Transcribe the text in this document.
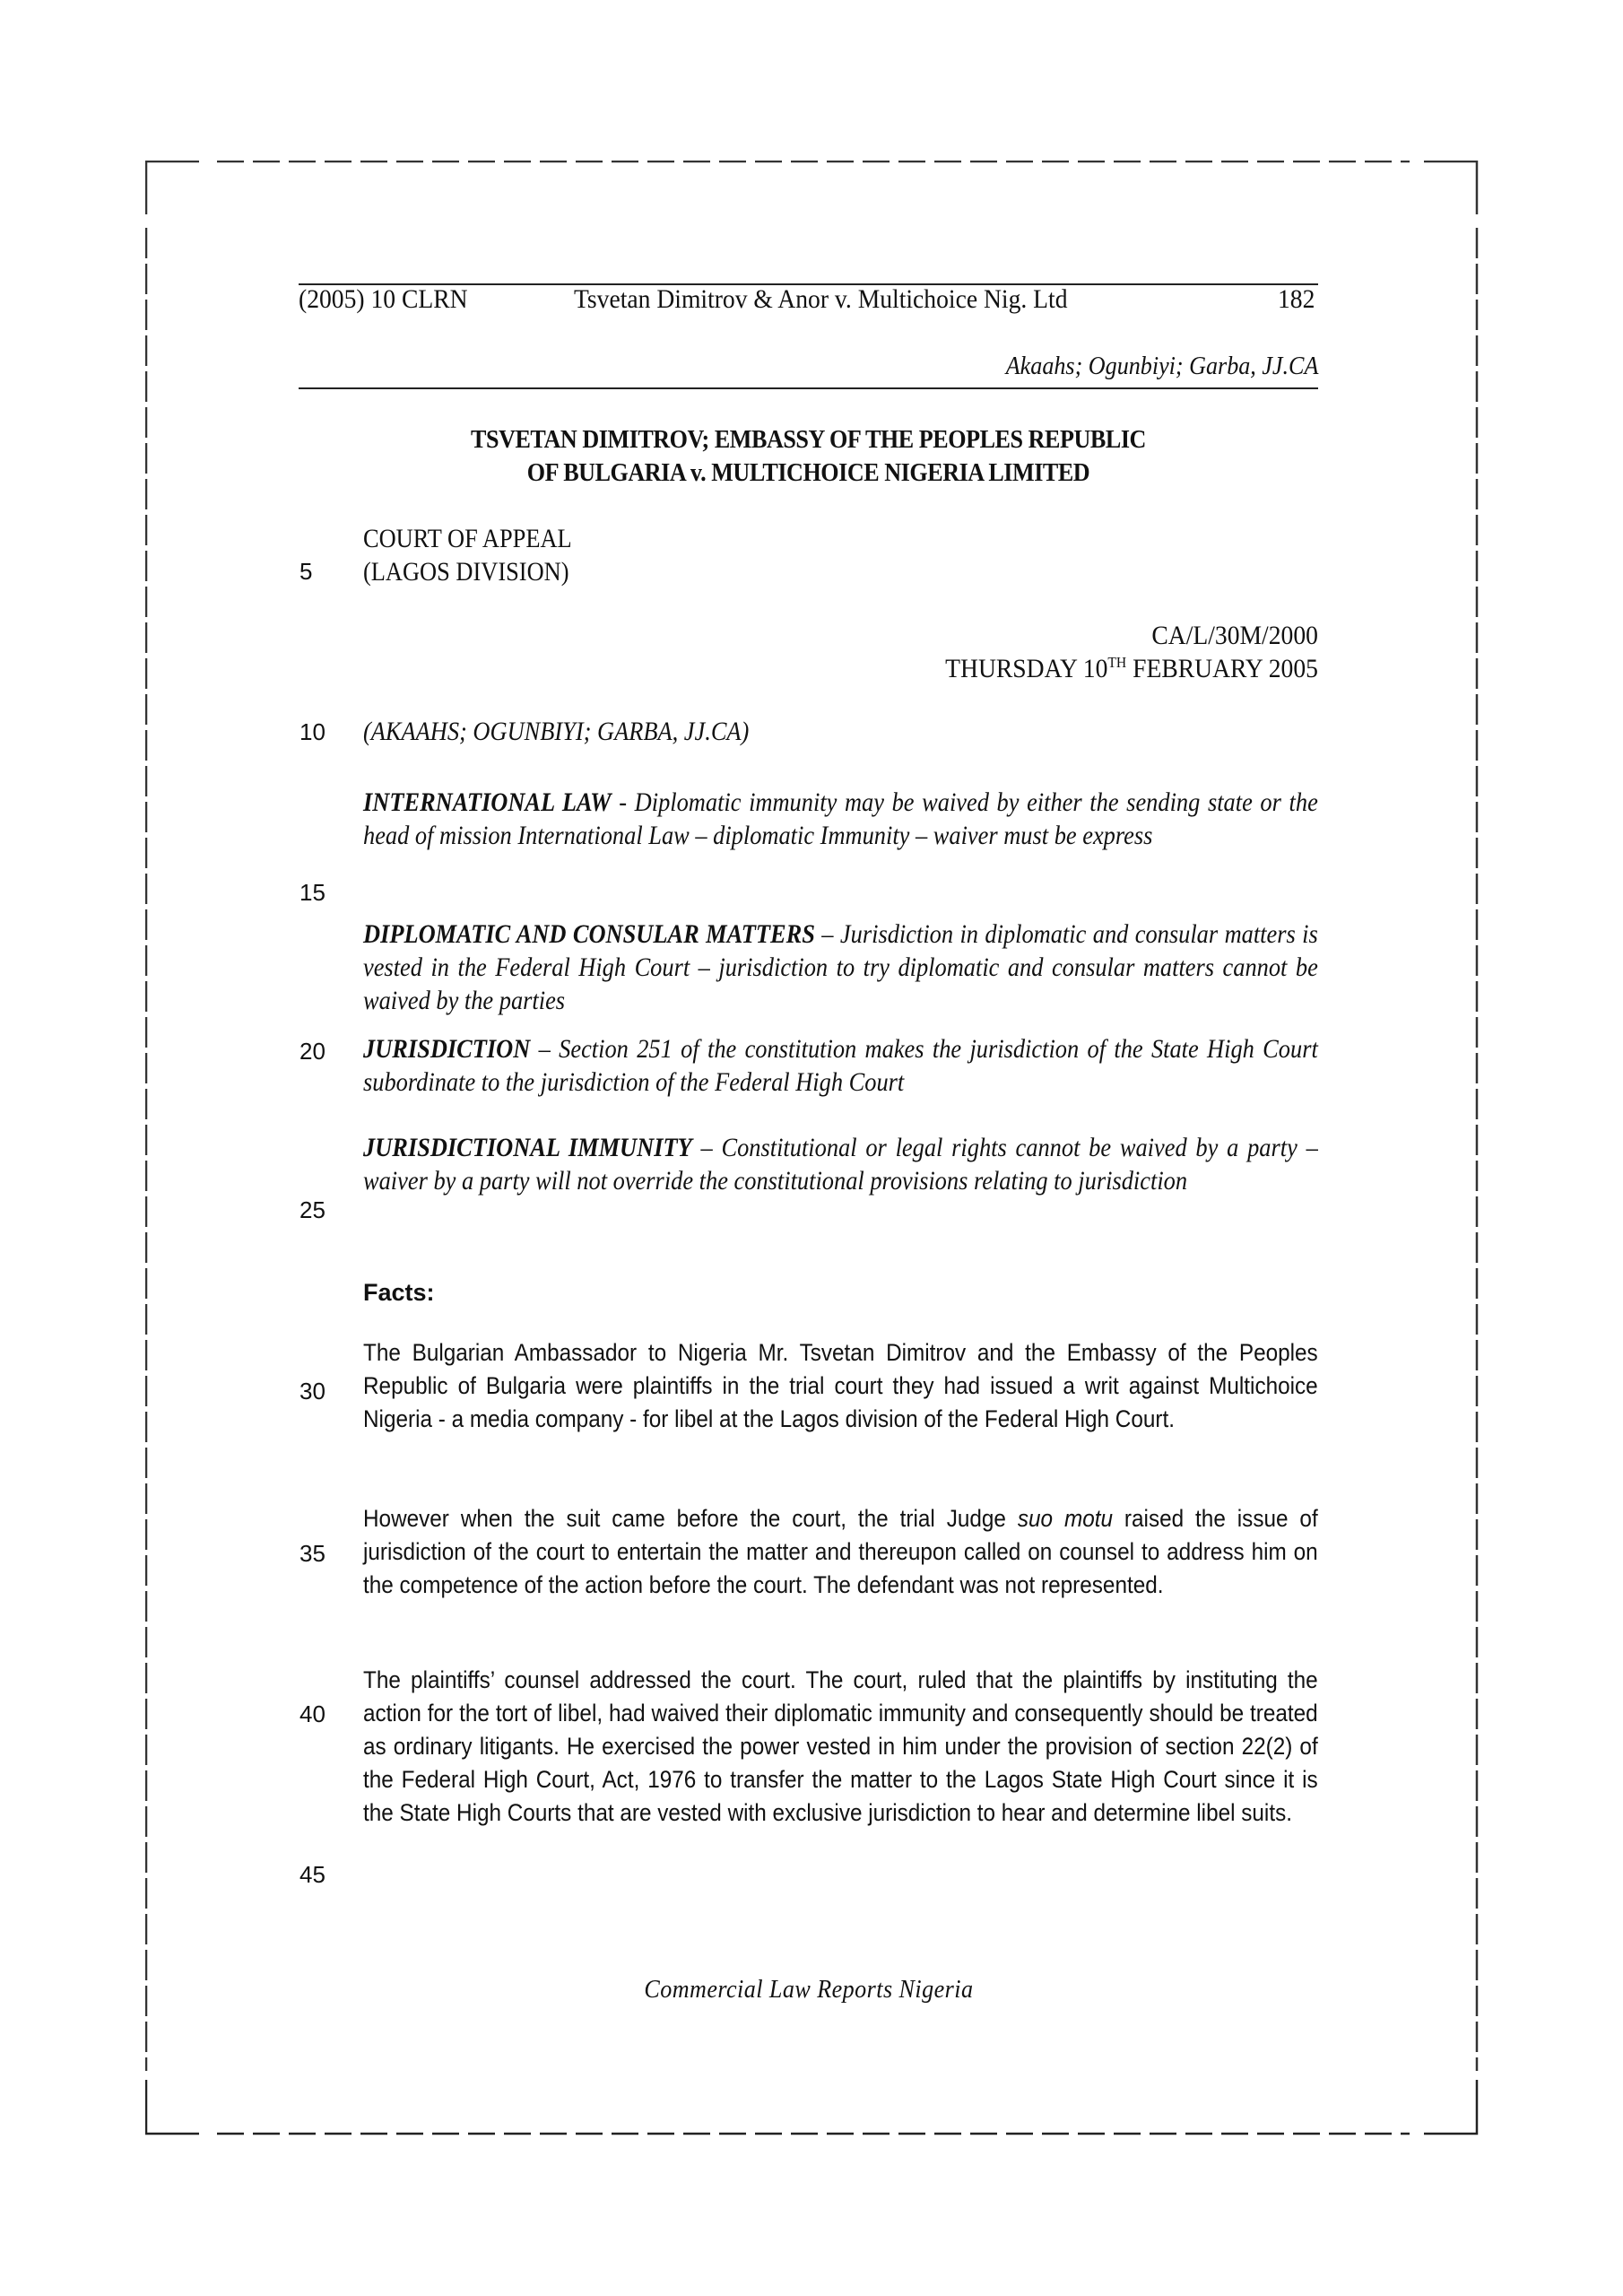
(2005) 10 CLRN	Tsvetan Dimitrov & Anor v. Multichoice Nig. Ltd	182
Akaahs; Ogunbiyi; Garba, JJ.CA
TSVETAN DIMITROV; EMBASSY OF THE PEOPLES REPUBLIC
OF BULGARIA v. MULTICHOICE NIGERIA LIMITED
COURT OF APPEAL
(LAGOS DIVISION)
CA/L/30M/2000
THURSDAY 10TH FEBRUARY 2005
(AKAAHS; OGUNBIYI; GARBA, JJ.CA)
5
10
15
20
25
30
35
40
45
INTERNATIONAL LAW - Diplomatic immunity may be waived by either the sending state or the head of mission International Law – diplomatic Immunity – waiver must be express
DIPLOMATIC AND CONSULAR MATTERS – Jurisdiction in diplomatic and consular matters is vested in the Federal High Court – jurisdiction to try diplomatic and consular matters cannot be waived by the parties
JURISDICTION – Section 251 of the constitution makes the jurisdiction of the State High Court subordinate to the jurisdiction of the Federal High Court
JURISDICTIONAL IMMUNITY – Constitutional or legal rights cannot be waived by a party – waiver by a party will not override the constitutional provisions relating to jurisdiction
Facts:
The Bulgarian Ambassador to Nigeria Mr. Tsvetan Dimitrov and the Embassy of the Peoples Republic of Bulgaria were plaintiffs in the trial court they had issued a writ against Multichoice Nigeria - a media company - for libel at the Lagos division of the Federal High Court.
However when the suit came before the court, the trial Judge suo motu raised the issue of jurisdiction of the court to entertain the matter and thereupon called on counsel to address him on the competence of the action before the court. The defendant was not represented.
The plaintiffs’ counsel addressed the court. The court, ruled that the plaintiffs by instituting the action for the tort of libel, had waived their diplomatic immunity and consequently should be treated as ordinary litigants. He exercised the power vested in him under the provision of section 22(2) of the Federal High Court, Act, 1976 to transfer the matter to the Lagos State High Court since it is the State High Courts that are vested with exclusive jurisdiction to hear and determine libel suits.
Commercial Law Reports Nigeria
